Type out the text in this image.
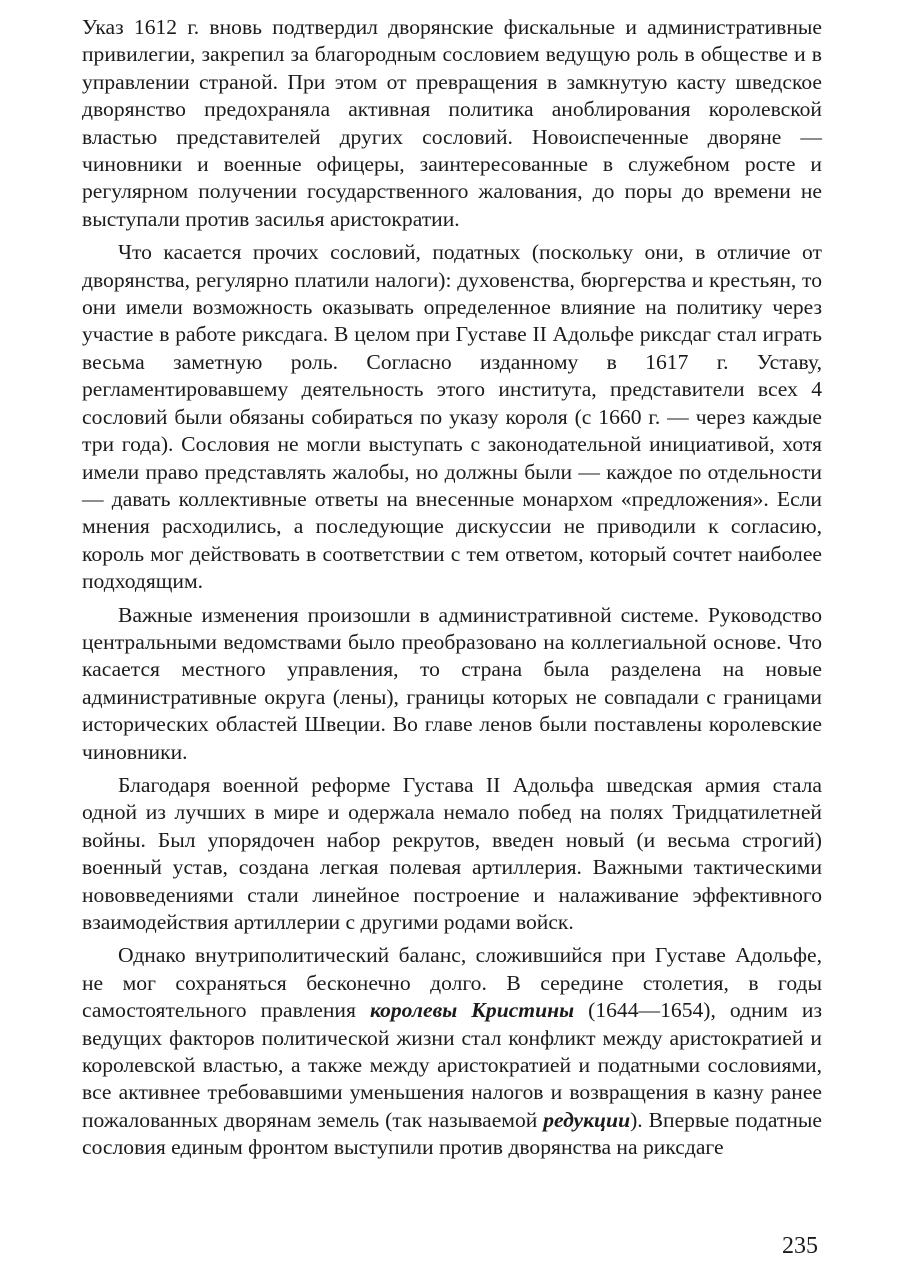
Указ 1612 г. вновь подтвердил дворянские фискальные и административные привилегии, закрепил за благородным сословием ведущую роль в обществе и в управлении страной. При этом от превращения в замкнутую касту шведское дворянство предохраняла активная политика аноблирования королевской властью представителей других сословий. Новоиспеченные дворяне — чиновники и военные офицеры, заинтересованные в служебном росте и регулярном получении государственного жалования, до поры до времени не выступали против засилья аристократии.

Что касается прочих сословий, податных (поскольку они, в отличие от дворянства, регулярно платили налоги): духовенства, бюргерства и крестьян, то они имели возможность оказывать определенное влияние на политику через участие в работе риксдага. В целом при Густаве II Адольфе риксдаг стал играть весьма заметную роль. Согласно изданному в 1617 г. Уставу, регламентировавшему деятельность этого института, представители всех 4 сословий были обязаны собираться по указу короля (с 1660 г. — через каждые три года). Сословия не могли выступать с законодательной инициативой, хотя имели право представлять жалобы, но должны были — каждое по отдельности — давать коллективные ответы на внесенные монархом «предложения». Если мнения расходились, а последующие дискуссии не приводили к согласию, король мог действовать в соответствии с тем ответом, который сочтет наиболее подходящим.

Важные изменения произошли в административной системе. Руководство центральными ведомствами было преобразовано на коллегиальной основе. Что касается местного управления, то страна была разделена на новые административные округа (лены), границы которых не совпадали с границами исторических областей Швеции. Во главе ленов были поставлены королевские чиновники.

Благодаря военной реформе Густава II Адольфа шведская армия стала одной из лучших в мире и одержала немало побед на полях Тридцатилетней войны. Был упорядочен набор рекрутов, введен новый (и весьма строгий) военный устав, создана легкая полевая артиллерия. Важными тактическими нововведениями стали линейное построение и налаживание эффективного взаимодействия артиллерии с другими родами войск.

Однако внутриполитический баланс, сложившийся при Густаве Адольфе, не мог сохраняться бесконечно долго. В середине столетия, в годы самостоятельного правления королевы Кристины (1644—1654), одним из ведущих факторов политической жизни стал конфликт между аристократией и королевской властью, а также между аристократией и податными сословиями, все активнее требовавшими уменьшения налогов и возвращения в казну ранее пожалованных дворянам земель (так называемой редукции). Впервые податные сословия единым фронтом выступили против дворянства на риксдаге

235
